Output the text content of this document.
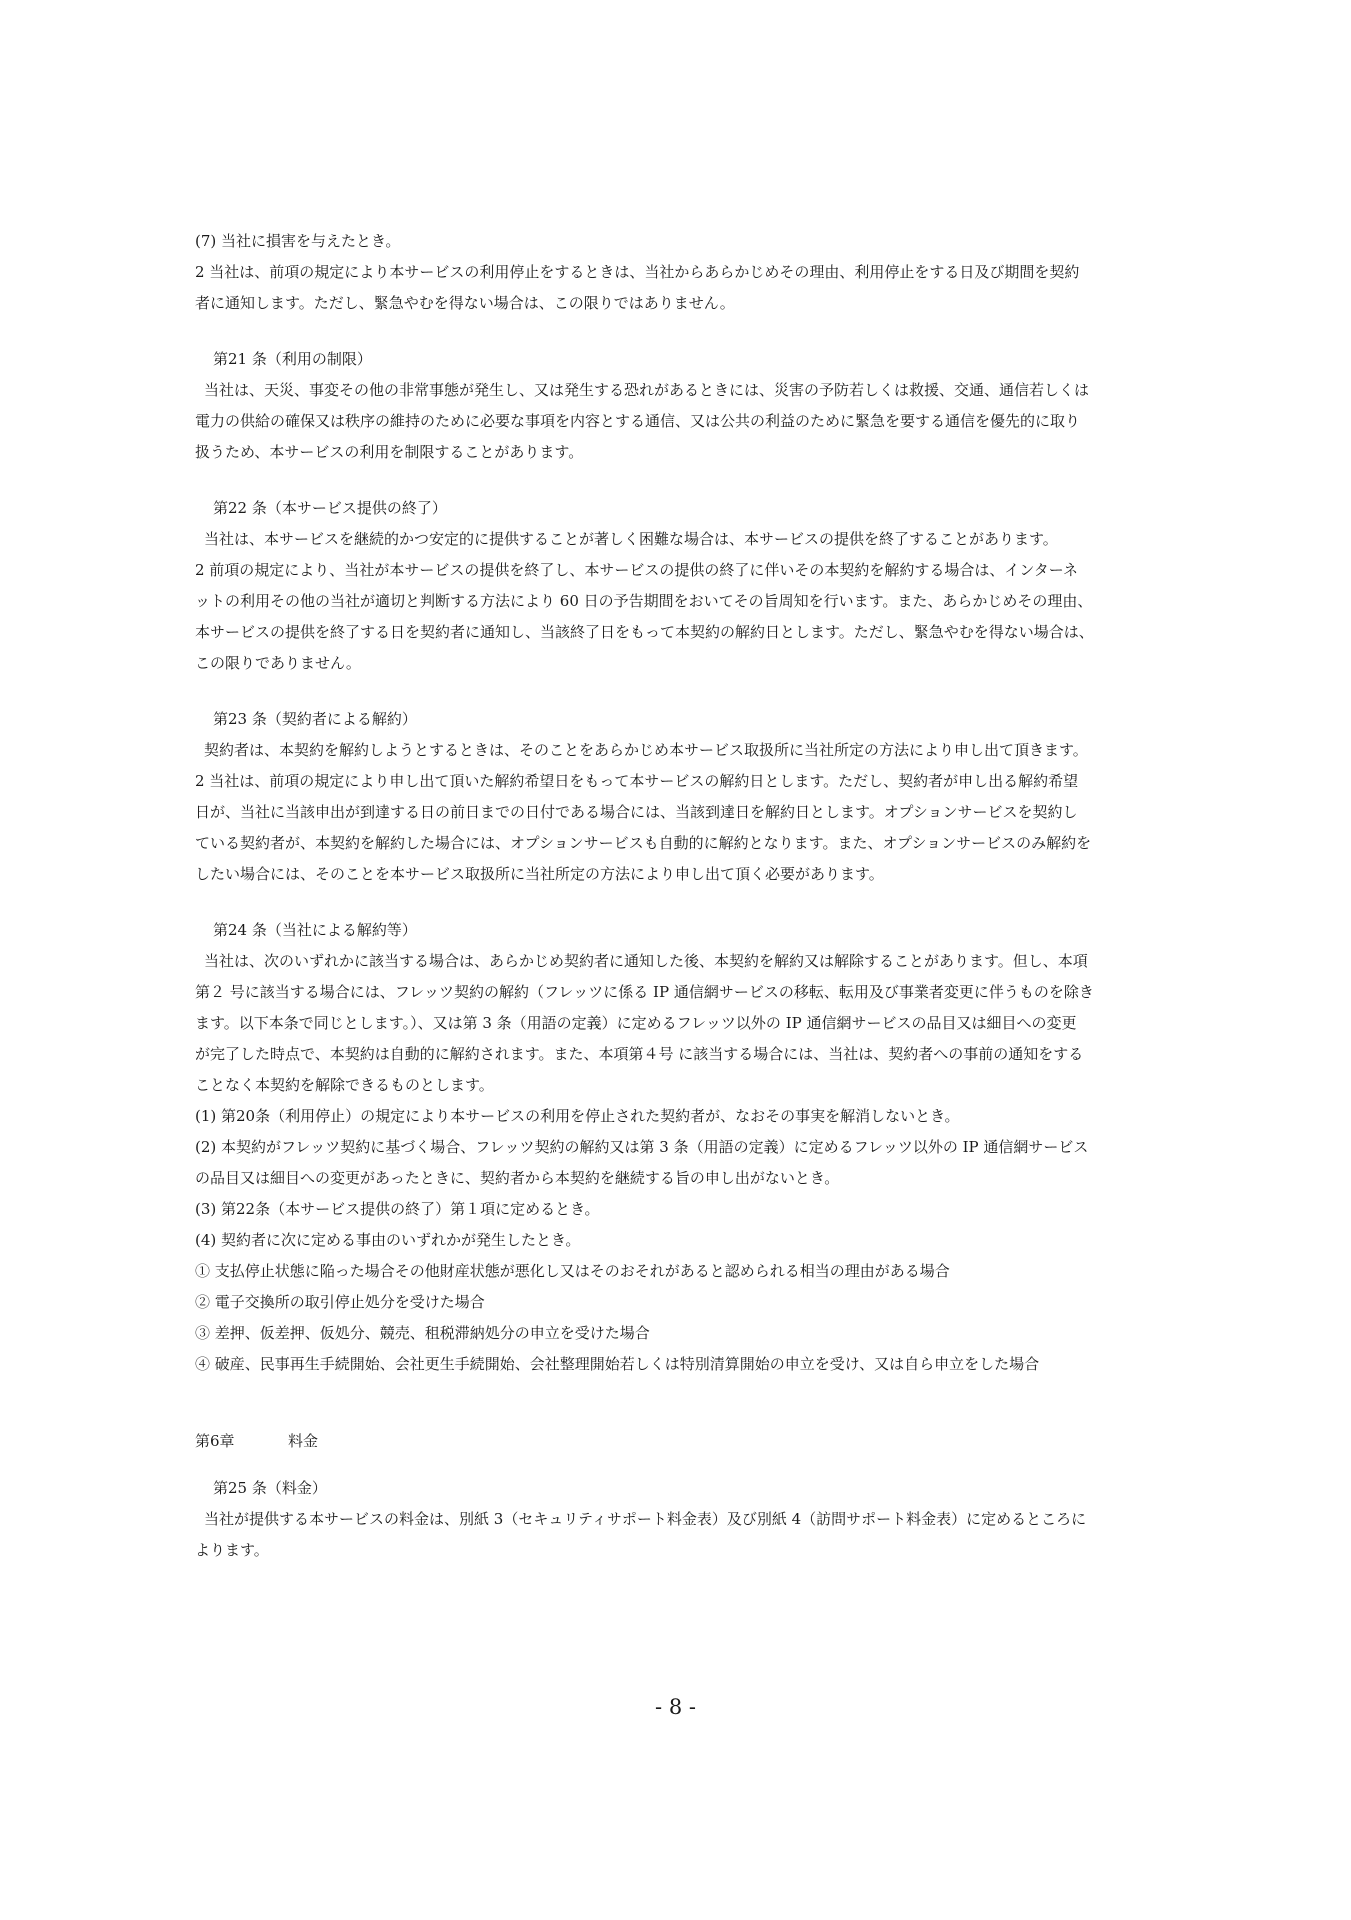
(7) 当社に損害を与えたとき。
2 当社は、前項の規定により本サービスの利用停止をするときは、当社からあらかじめその理由、利用停止をする日及び期間を契約
者に通知します。ただし、緊急やむを得ない場合は、この限りではありません。
第21 条（利用の制限）
当社は、天災、事変その他の非常事態が発生し、又は発生する恐れがあるときには、災害の予防若しくは救援、交通、通信若しくは
電力の供給の確保又は秩序の維持のために必要な事項を内容とする通信、又は公共の利益のために緊急を要する通信を優先的に取り
扱うため、本サービスの利用を制限することがあります。
第22 条（本サービス提供の終了）
当社は、本サービスを継続的かつ安定的に提供することが著しく困難な場合は、本サービスの提供を終了することがあります。
2 前項の規定により、当社が本サービスの提供を終了し、本サービスの提供の終了に伴いその本契約を解約する場合は、インターネ
ットの利用その他の当社が適切と判断する方法により 60 日の予告期間をおいてその旨周知を行います。また、あらかじめその理由、
本サービスの提供を終了する日を契約者に通知し、当該終了日をもって本契約の解約日とします。ただし、緊急やむを得ない場合は、
この限りでありません。
第23 条（契約者による解約）
契約者は、本契約を解約しようとするときは、そのことをあらかじめ本サービス取扱所に当社所定の方法により申し出て頂きます。
2 当社は、前項の規定により申し出て頂いた解約希望日をもって本サービスの解約日とします。ただし、契約者が申し出る解約希望
日が、当社に当該申出が到達する日の前日までの日付である場合には、当該到達日を解約日とします。オプションサービスを契約し
ている契約者が、本契約を解約した場合には、オプションサービスも自動的に解約となります。また、オプションサービスのみ解約を
したい場合には、そのことを本サービス取扱所に当社所定の方法により申し出て頂く必要があります。
第24 条（当社による解約等）
当社は、次のいずれかに該当する場合は、あらかじめ契約者に通知した後、本契約を解約又は解除することがあります。但し、本項
第２ 号に該当する場合には、フレッツ契約の解約（フレッツに係る IP 通信網サービスの移転、転用及び事業者変更に伴うものを除き
ます。以下本条で同じとします。）、又は第 3 条（用語の定義）に定めるフレッツ以外の IP 通信網サービスの品目又は細目への変更
が完了した時点で、本契約は自動的に解約されます。また、本項第４号 に該当する場合には、当社は、契約者への事前の通知をする
ことなく本契約を解除できるものとします。
(1) 第20条（利用停止）の規定により本サービスの利用を停止された契約者が、なおその事実を解消しないとき。
(2) 本契約がフレッツ契約に基づく場合、フレッツ契約の解約又は第 3 条（用語の定義）に定めるフレッツ以外の IP 通信網サービス
の品目又は細目への変更があったときに、契約者から本契約を継続する旨の申し出がないとき。
(3) 第22条（本サービス提供の終了）第１項に定めるとき。
(4) 契約者に次に定める事由のいずれかが発生したとき。
① 支払停止状態に陥った場合その他財産状態が悪化し又はそのおそれがあると認められる相当の理由がある場合
② 電子交換所の取引停止処分を受けた場合
③ 差押、仮差押、仮処分、競売、租税滞納処分の申立を受けた場合
④ 破産、民事再生手続開始、会社更生手続開始、会社整理開始若しくは特別清算開始の申立を受け、又は自ら申立をした場合
第6章	料金
第25 条（料金）
当社が提供する本サービスの料金は、別紙 3（セキュリティサポート料金表）及び別紙 4（訪問サポート料金表）に定めるところに
よります。
- 8 -
